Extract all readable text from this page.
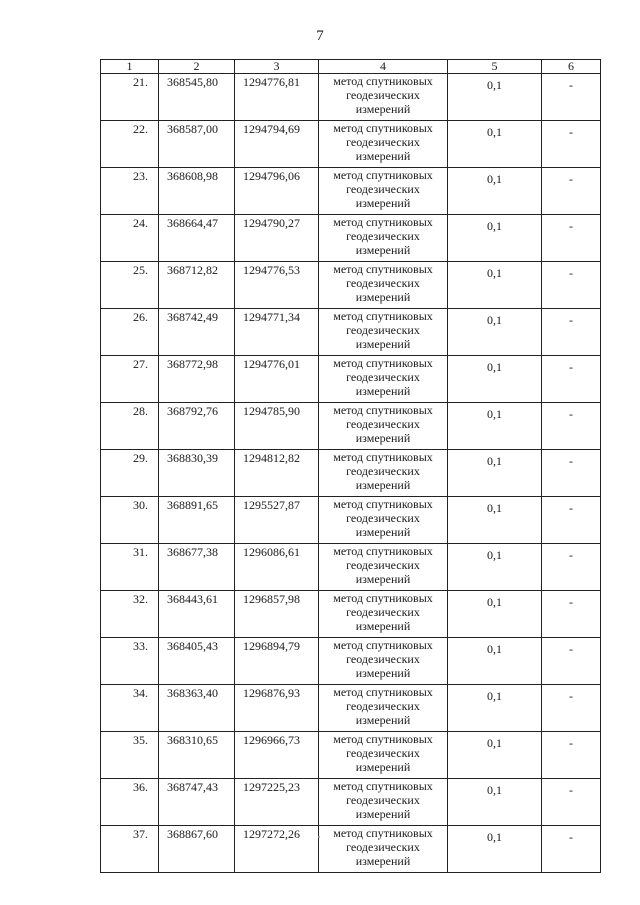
7
1	2	3	4	5	6
21.	368545,80	1294776,81	метод спутниковых геодезических измерений	0,1	-
22.	368587,00	1294794,69	метод спутниковых геодезических измерений	0,1	-
23.	368608,98	1294796,06	метод спутниковых геодезических измерений	0,1	-
24.	368664,47	1294790,27	метод спутниковых геодезических измерений	0,1	-
25.	368712,82	1294776,53	метод спутниковых геодезических измерений	0,1	-
26.	368742,49	1294771,34	метод спутниковых геодезических измерений	0,1	-
27.	368772,98	1294776,01	метод спутниковых геодезических измерений	0,1	-
28.	368792,76	1294785,90	метод спутниковых геодезических измерений	0,1	-
29.	368830,39	1294812,82	метод спутниковых геодезических измерений	0,1	-
30.	368891,65	1295527,87	метод спутниковых геодезических измерений	0,1	-
31.	368677,38	1296086,61	метод спутниковых геодезических измерений	0,1	-
32.	368443,61	1296857,98	метод спутниковых геодезических измерений	0,1	-
33.	368405,43	1296894,79	метод спутниковых геодезических измерений	0,1	-
34.	368363,40	1296876,93	метод спутниковых геодезических измерений	0,1	-
35.	368310,65	1296966,73	метод спутниковых геодезических измерений	0,1	-
36.	368747,43	1297225,23	метод спутниковых геодезических измерений	0,1	-
37.	368867,60	1297272,26	метод спутниковых геодезических измерений	0,1	-
